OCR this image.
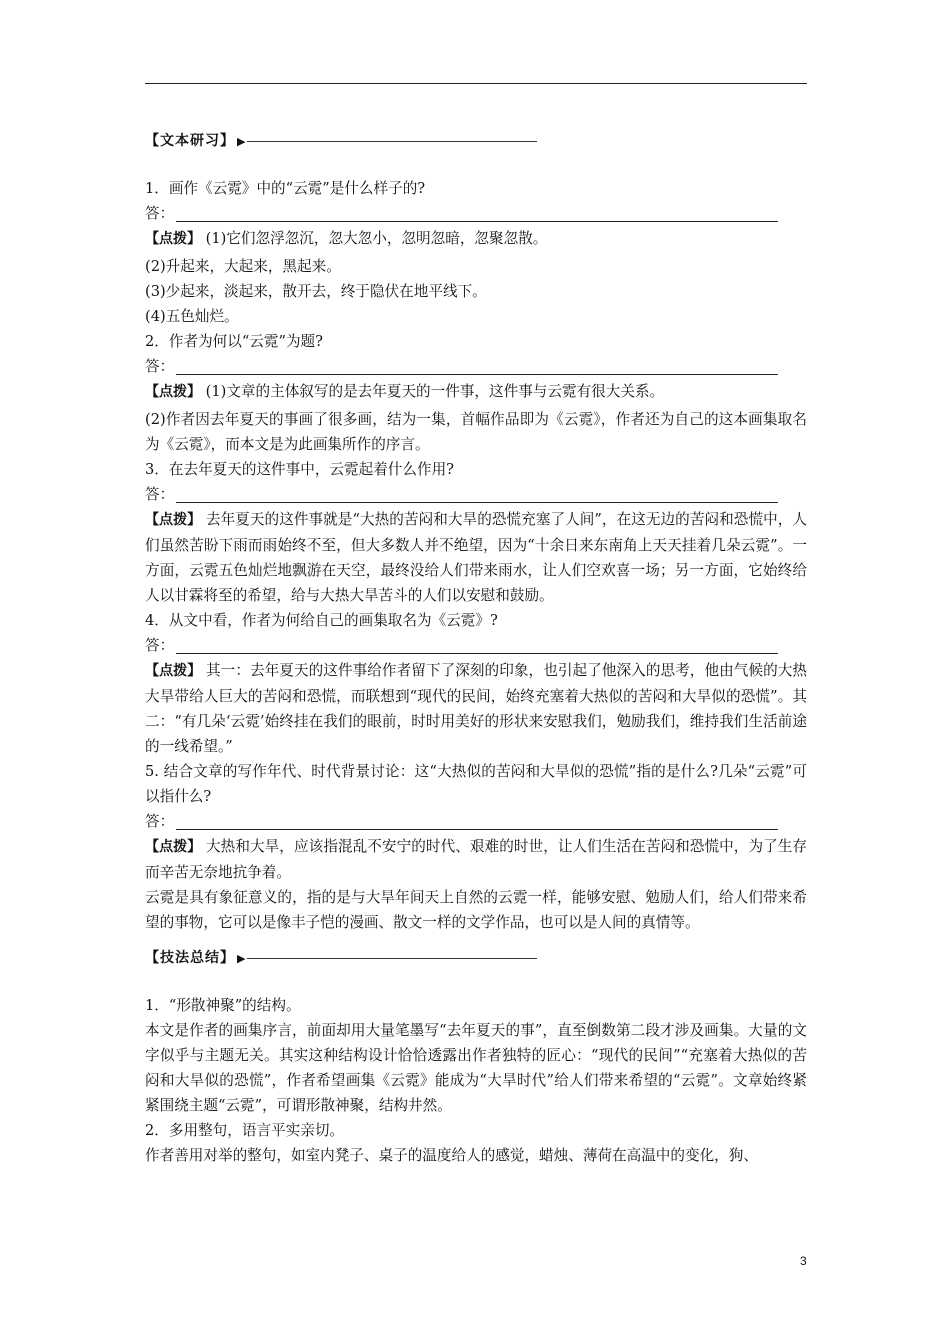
【文本研习】 ▶

1．画作《云霓》中的“云霓”是什么样子的?

答：

【点拨】 (1)它们忽浮忽沉，忽大忽小，忽明忽暗，忽聚忽散。

(2)升起来，大起来，黑起来。

(3)少起来，淡起来，散开去，终于隐伏在地平线下。

(4)五色灿烂。

2．作者为何以“云霓”为题?

答：

【点拨】 (1)文章的主体叙写的是去年夏天的一件事，这件事与云霓有很大关系。

(2)作者因去年夏天的事画了很多画，结为一集，首幅作品即为《云霓》，作者还为自己的这本画集取名为《云霓》，而本文是为此画集所作的序言。

3．在去年夏天的这件事中，云霓起着什么作用?

答：

【点拨】 去年夏天的这件事就是“大热的苦闷和大旱的恐慌充塞了人间”，在这无边的苦闷和恐慌中，人们虽然苦盼下雨而雨始终不至，但大多数人并不绝望，因为“十余日来东南角上天天挂着几朵云霓”。一方面，云霓五色灿烂地飘游在天空，最终没给人们带来雨水，让人们空欢喜一场；另一方面，它始终给人以甘霖将至的希望，给与大热大旱苦斗的人们以安慰和鼓励。

4．从文中看，作者为何给自己的画集取名为《云霓》?

答：

【点拨】 其一：去年夏天的这件事给作者留下了深刻的印象，也引起了他深入的思考，他由气候的大热大旱带给人巨大的苦闷和恐慌，而联想到“现代的民间，始终充塞着大热似的苦闷和大旱似的恐慌”。其二：“有几朵‘云霓’始终挂在我们的眼前，时时用美好的形状来安慰我们，勉励我们，维持我们生活前途的一线希望。”

5. 结合文章的写作年代、时代背景讨论：这“大热似的苦闷和大旱似的恐慌”指的是什么?几朵“云霓”可以指什么?

答：

【点拨】 大热和大旱，应该指混乱不安宁的时代、艰难的时世，让人们生活在苦闷和恐慌中，为了生存而辛苦无奈地抗争着。

云霓是具有象征意义的，指的是与大旱年间天上自然的云霓一样，能够安慰、勉励人们，给人们带来希望的事物，它可以是像丰子恺的漫画、散文一样的文学作品，也可以是人间的真情等。

【技法总结】 ▶

1．“形散神聚”的结构。

本文是作者的画集序言，前面却用大量笔墨写“去年夏天的事”，直至倒数第二段才涉及画集。大量的文字似乎与主题无关。其实这种结构设计恰恰透露出作者独特的匠心：“现代的民间”“充塞着大热似的苦闷和大旱似的恐慌”，作者希望画集《云霓》能成为“大旱时代”给人们带来希望的“云霓”。文章始终紧紧围绕主题“云霓”，可谓形散神聚，结构井然。

2．多用整句，语言平实亲切。

作者善用对举的整句，如室内凳子、桌子的温度给人的感觉，蜡烛、薄荷在高温中的变化，狗、

3
